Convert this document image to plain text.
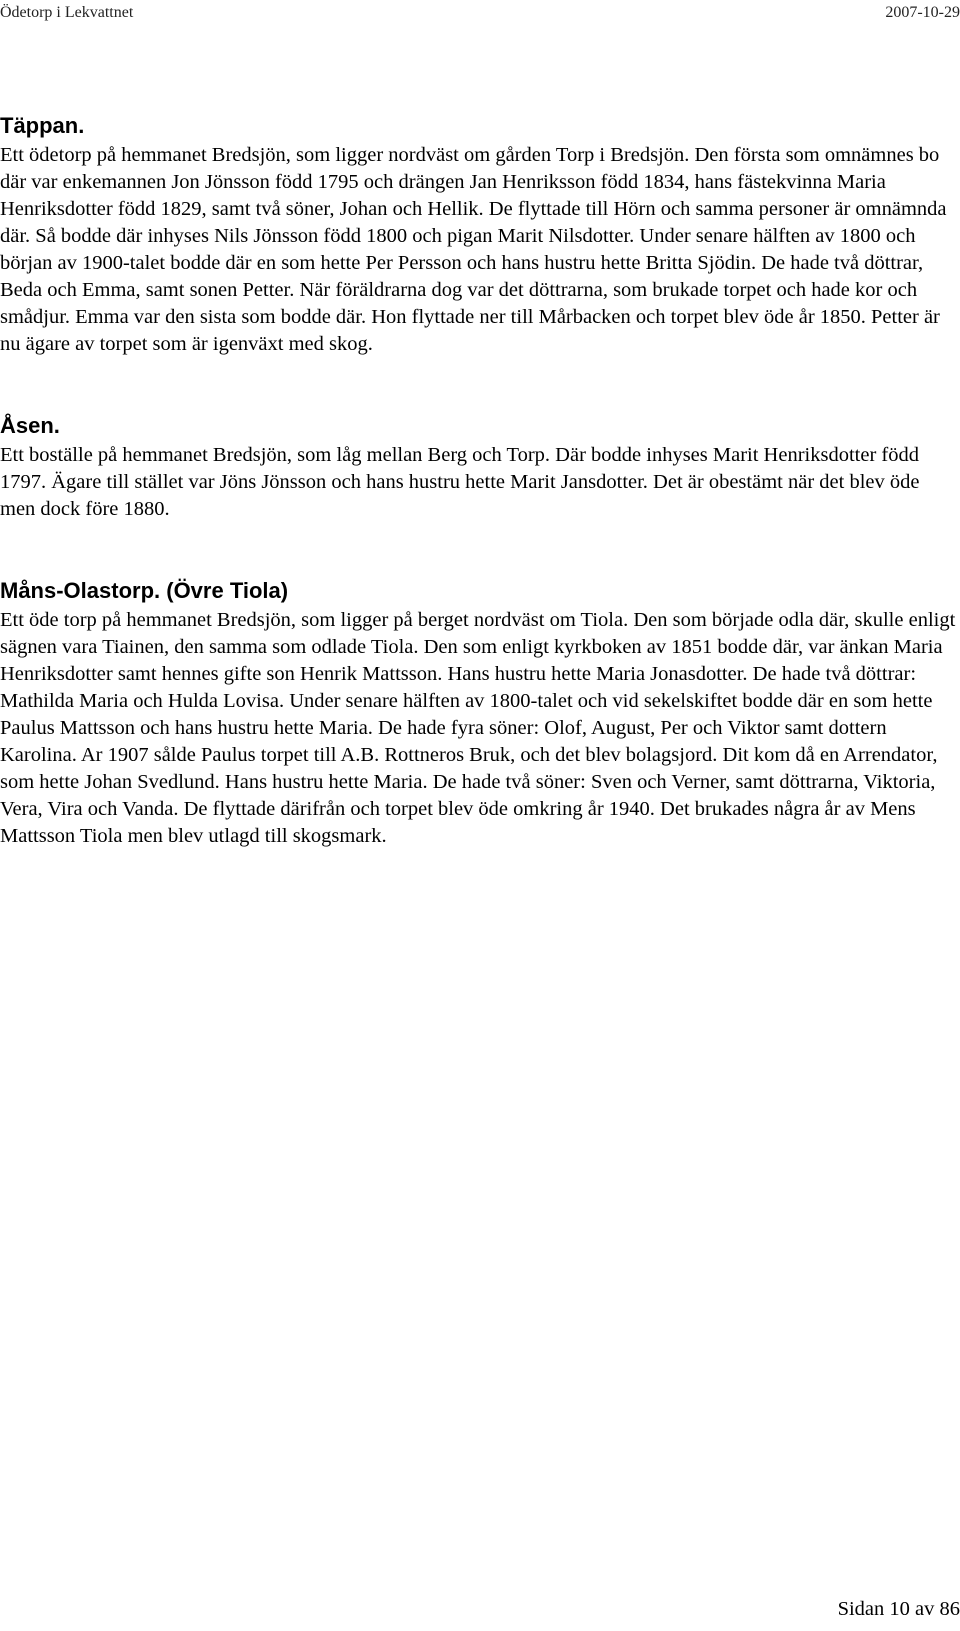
Ödetorp i Lekvattnet	2007-10-29
Täppan.

Ett ödetorp på hemmanet Bredsjön, som ligger nordväst om gården Torp i Bredsjön. Den första som omnämnes bo där var enkemannen Jon Jönsson född 1795 och drängen Jan Henriksson född 1834, hans fästekvinna Maria Henriksdotter född 1829, samt två söner, Johan och Hellik. De flyttade till Hörn och samma personer är omnämnda där. Så bodde där inhyses Nils Jönsson född 1800 och pigan Marit Nilsdotter. Under senare hälften av 1800 och början av 1900-talet bodde där en som hette Per Persson och hans hustru hette Britta Sjödin. De hade två döttrar, Beda och Emma, samt sonen Petter. När föräldrarna dog var det döttrarna, som brukade torpet och hade kor och smådjur. Emma var den sista som bodde där. Hon flyttade ner till Mårbacken och torpet blev öde år 1850. Petter är nu ägare av torpet som är igenväxt med skog.

Åsen.

Ett boställe på hemmanet Bredsjön, som låg mellan Berg och Torp. Där bodde inhyses Marit Henriksdotter född 1797. Ägare till stället var Jöns Jönsson och hans hustru hette Marit Jansdotter. Det är obestämt när det blev öde men dock före 1880.

Måns-Olastorp. (Övre Tiola)

Ett öde torp på hemmanet Bredsjön, som ligger på berget nordväst om Tiola. Den som började odla där, skulle enligt sägnen vara Tiainen, den samma som odlade Tiola. Den som enligt kyrkboken av 1851 bodde där, var änkan Maria Henriksdotter samt hennes gifte son Henrik Mattsson. Hans hustru hette Maria Jonasdotter. De hade två döttrar: Mathilda Maria och Hulda Lovisa. Under senare hälften av 1800-talet och vid sekelskiftet bodde där en som hette Paulus Mattsson och hans hustru hette Maria. De hade fyra söner: Olof, August, Per och Viktor samt dottern Karolina. Ar 1907 sålde Paulus torpet till A.B. Rottneros Bruk, och det blev bolagsjord. Dit kom då en Arrendator, som hette Johan Svedlund. Hans hustru hette Maria. De hade två söner: Sven och Verner, samt döttrarna, Viktoria, Vera, Vira och Vanda. De flyttade därifrån och torpet blev öde omkring år 1940. Det brukades några år av Mens Mattsson Tiola men blev utlagd till skogsmark.

Sidan 10 av 86
